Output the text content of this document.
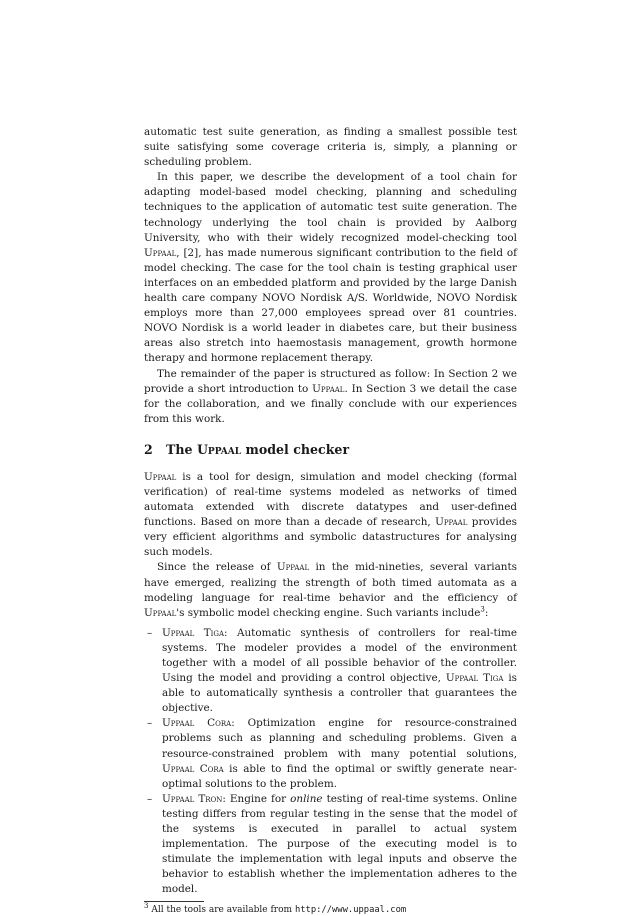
automatic test suite generation, as finding a smallest possible test suite satisfying some coverage criteria is, simply, a planning or scheduling problem.

In this paper, we describe the development of a tool chain for adapting model-based model checking, planning and scheduling techniques to the application of automatic test suite generation. The technology underlying the tool chain is provided by Aalborg University, who with their widely recognized model-checking tool Uppaal, [2], has made numerous significant contribution to the field of model checking. The case for the tool chain is testing graphical user interfaces on an embedded platform and provided by the large Danish health care company NOVO Nordisk A/S. Worldwide, NOVO Nordisk employs more than 27,000 employees spread over 81 countries. NOVO Nordisk is a world leader in diabetes care, but their business areas also stretch into haemostasis management, growth hormone therapy and hormone replacement therapy.

The remainder of the paper is structured as follow: In Section 2 we provide a short introduction to Uppaal. In Section 3 we detail the case for the collaboration, and we finally conclude with our experiences from this work.

2 The Uppaal model checker

Uppaal is a tool for design, simulation and model checking (formal verification) of real-time systems modeled as networks of timed automata extended with discrete datatypes and user-defined functions. Based on more than a decade of research, Uppaal provides very efficient algorithms and symbolic datastructures for analysing such models.

Since the release of Uppaal in the mid-nineties, several variants have emerged, realizing the strength of both timed automata as a modeling language for real-time behavior and the efficiency of Uppaal's symbolic model checking engine. Such variants include$^3$:

– Uppaal Tiga: Automatic synthesis of controllers for real-time systems. The modeler provides a model of the environment together with a model of all possible behavior of the controller. Using the model and providing a control objective, Uppaal Tiga is able to automatically synthesis a controller that guarantees the objective.
– Uppaal Cora: Optimization engine for resource-constrained problems such as planning and scheduling problems. Given a resource-constrained problem with many potential solutions, Uppaal Cora is able to find the optimal or swiftly generate near-optimal solutions to the problem.
– Uppaal Tron: Engine for online testing of real-time systems. Online testing differs from regular testing in the sense that the model of the systems is executed in parallel to actual system implementation. The purpose of the executing model is to stimulate the implementation with legal inputs and observe the behavior to establish whether the implementation adheres to the model.
$^3$ All the tools are available from http://www.uppaal.com
